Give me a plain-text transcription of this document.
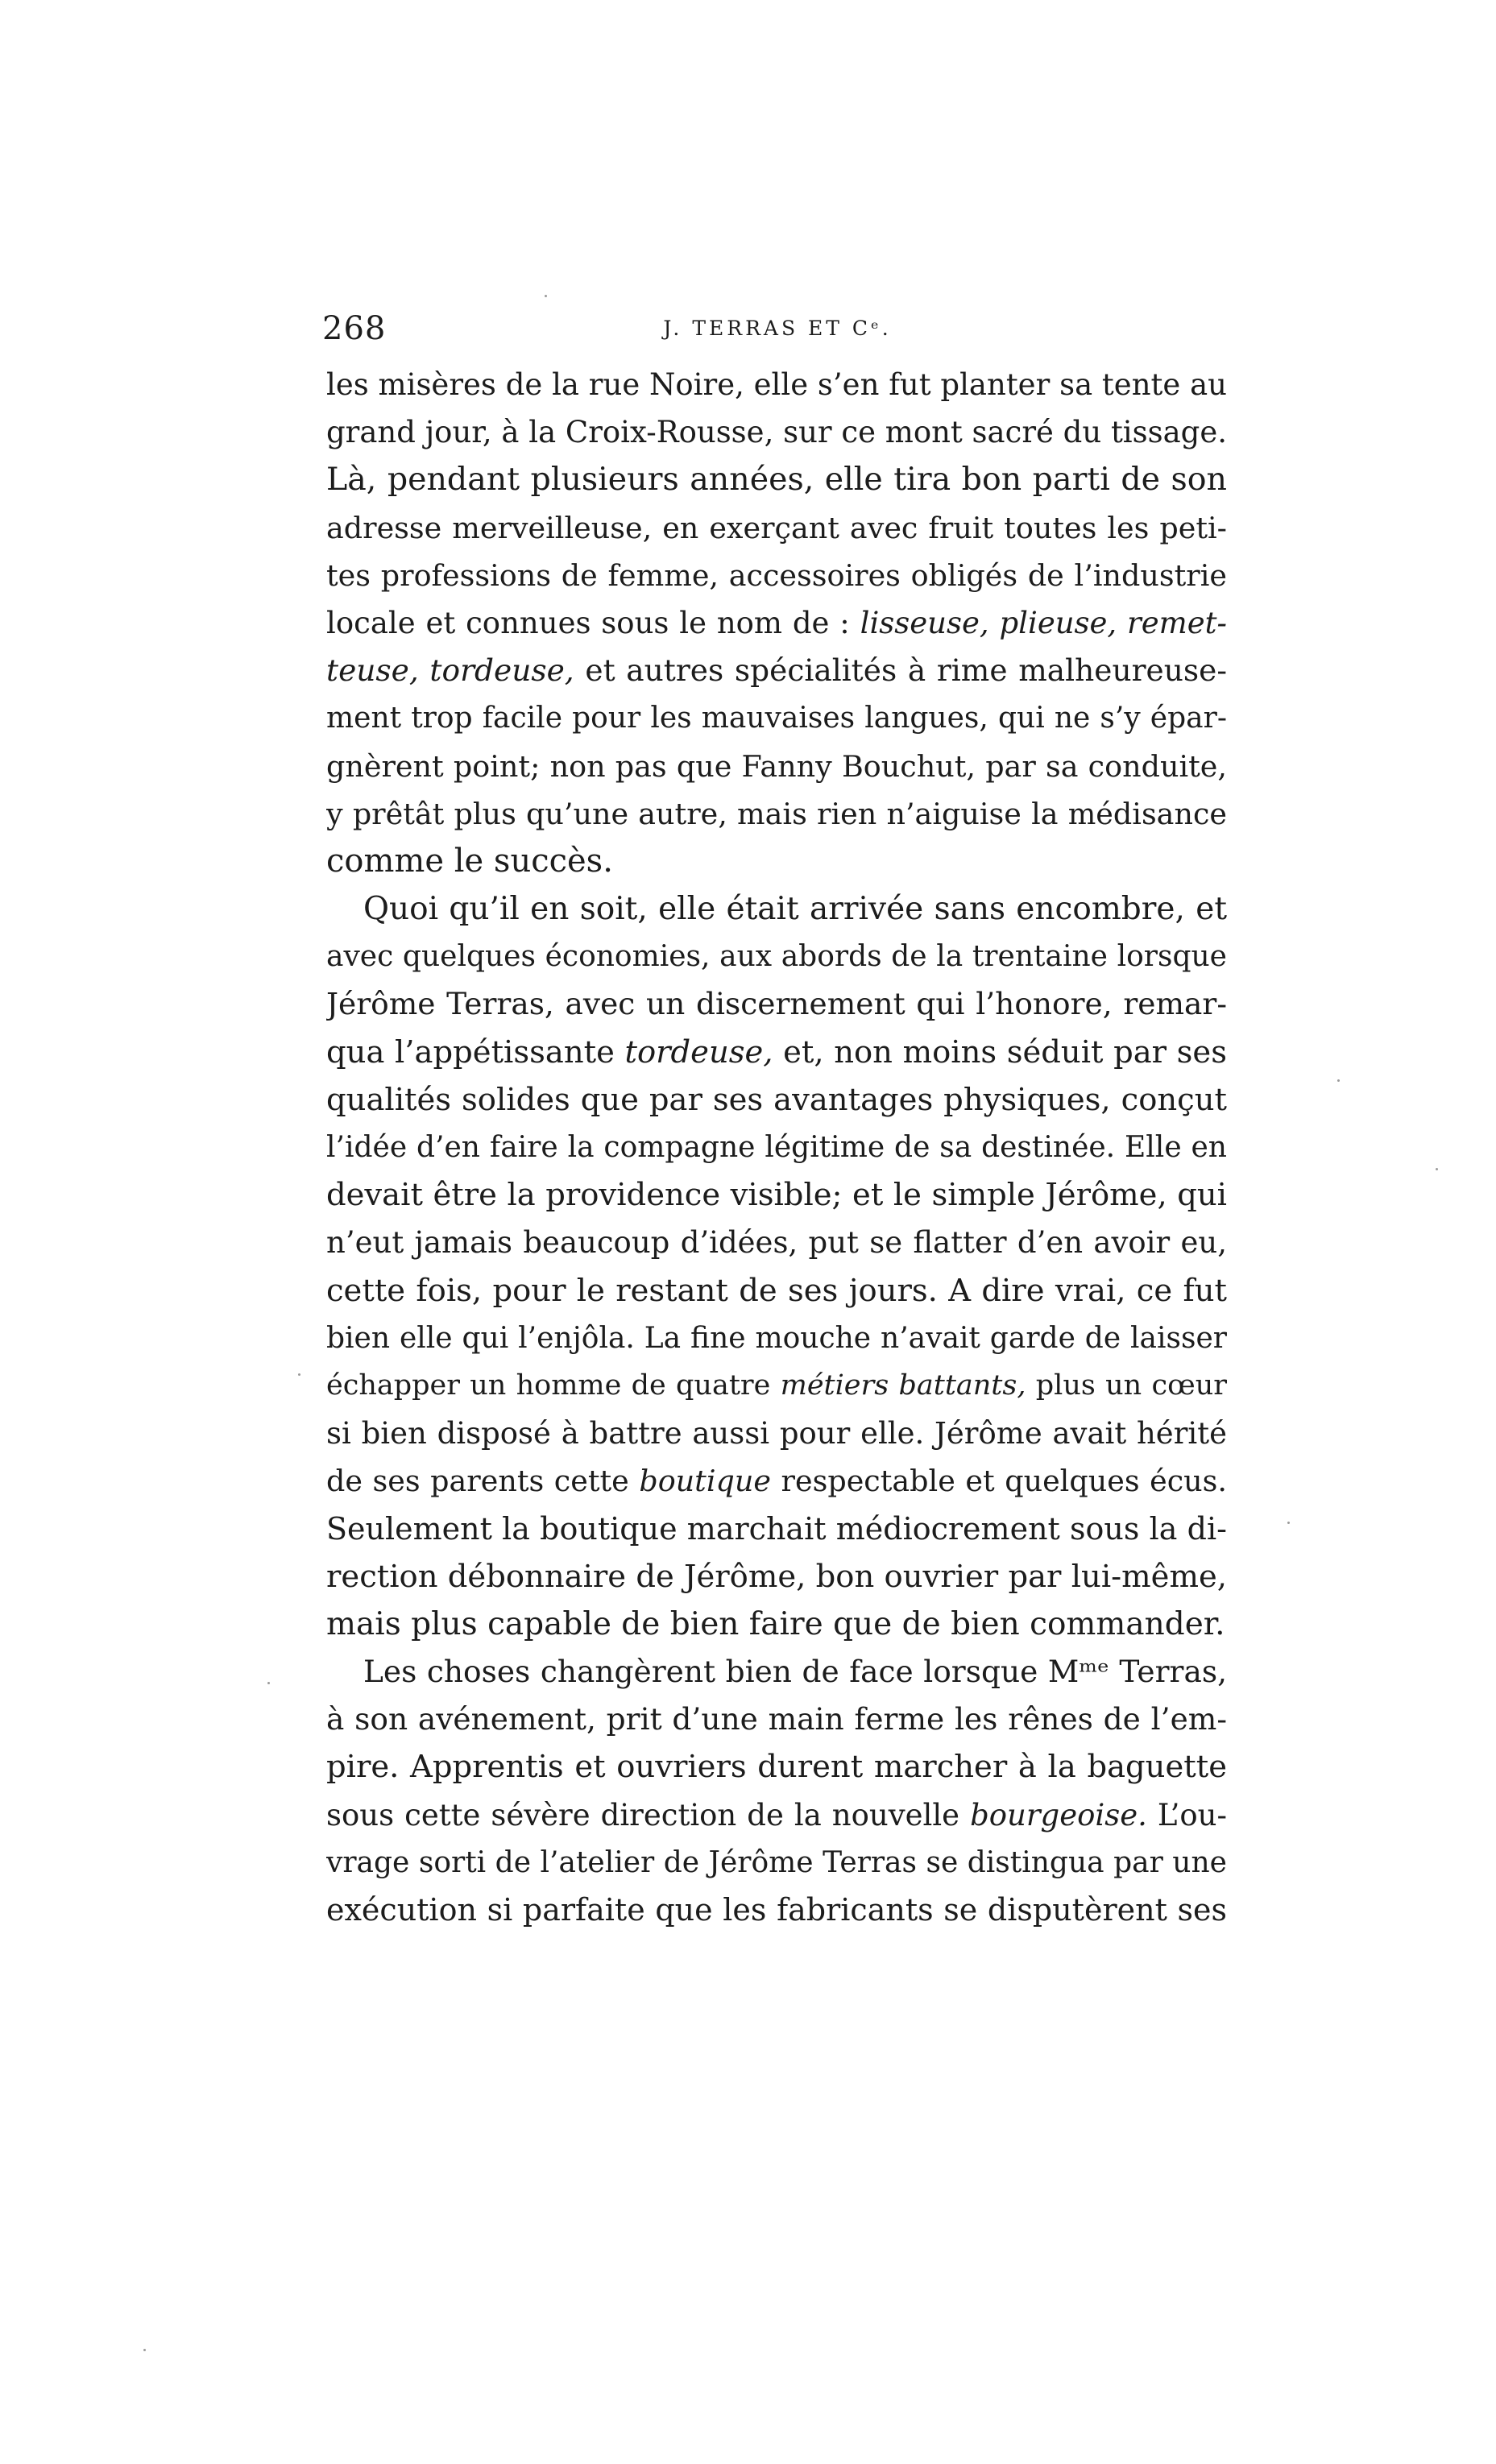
268	J. TERRAS ET Cᵉ.
les misères de la rue Noire, elle s’en fut planter sa tente au
grand jour, à la Croix-Rousse, sur ce mont sacré du tissage.
Là, pendant plusieurs années, elle tira bon parti de son
adresse merveilleuse, en exerçant avec fruit toutes les peti-
tes professions de femme, accessoires obligés de l’industrie
locale et connues sous le nom de : lisseuse, plieuse, remet-
teuse, tordeuse, et autres spécialités à rime malheureuse-
ment trop facile pour les mauvaises langues, qui ne s’y épar-
gnèrent point; non pas que Fanny Bouchut, par sa conduite,
y prêtât plus qu’une autre, mais rien n’aiguise la médisance
comme le succès.
Quoi qu’il en soit, elle était arrivée sans encombre, et
avec quelques économies, aux abords de la trentaine lorsque
Jérôme Terras, avec un discernement qui l’honore, remar-
qua l’appétissante tordeuse, et, non moins séduit par ses
qualités solides que par ses avantages physiques, conçut
l’idée d’en faire la compagne légitime de sa destinée. Elle en
devait être la providence visible; et le simple Jérôme, qui
n’eut jamais beaucoup d’idées, put se flatter d’en avoir eu,
cette fois, pour le restant de ses jours. A dire vrai, ce fut
bien elle qui l’enjôla. La fine mouche n’avait garde de laisser
échapper un homme de quatre métiers battants, plus un cœur
si bien disposé à battre aussi pour elle. Jérôme avait hérité
de ses parents cette boutique respectable et quelques écus.
Seulement la boutique marchait médiocrement sous la di-
rection débonnaire de Jérôme, bon ouvrier par lui-même,
mais plus capable de bien faire que de bien commander.
Les choses changèrent bien de face lorsque Mᵐᵉ Terras,
à son avénement, prit d’une main ferme les rênes de l’em-
pire. Apprentis et ouvriers durent marcher à la baguette
sous cette sévère direction de la nouvelle bourgeoise. L’ou-
vrage sorti de l’atelier de Jérôme Terras se distingua par une
exécution si parfaite que les fabricants se disputèrent ses
